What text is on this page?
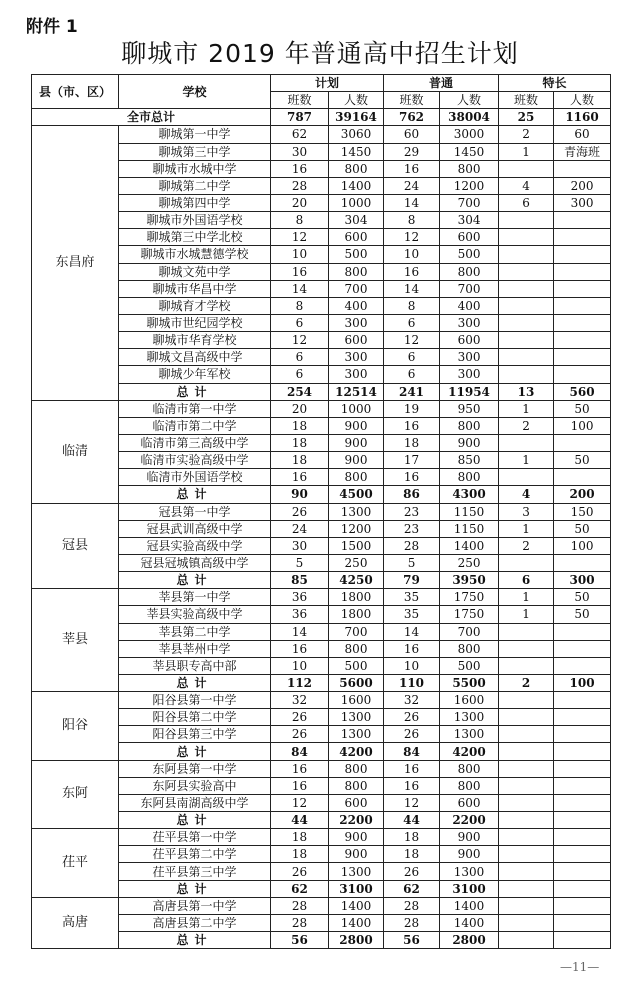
附件 1
聊城市 2019 年普通高中招生计划
县（市、区）	学校	计划		普通		特长	
		班数	人数	班数	人数	班数	人数
全市总计		787	39164	762	38004	25	1160
东昌府	聊城第一中学	62	3060	60	3000	2	60
	聊城第三中学	30	1450	29	1450	1	青海班
	聊城市水城中学	16	800	16	800		
	聊城第二中学	28	1400	24	1200	4	200
	聊城第四中学	20	1000	14	700	6	300
	聊城市外国语学校	8	304	8	304		
	聊城第三中学北校	12	600	12	600		
	聊城市水城慧德学校	10	500	10	500		
	聊城文苑中学	16	800	16	800		
	聊城市华昌中学	14	700	14	700		
	聊城育才学校	8	400	8	400		
	聊城市世纪园学校	6	300	6	300		
	聊城市华育学校	12	600	12	600		
	聊城文昌高级中学	6	300	6	300		
	聊城少年军校	6	300	6	300		
	总计	254	12514	241	11954	13	560
临清	临清市第一中学	20	1000	19	950	1	50
	临清市第二中学	18	900	16	800	2	100
	临清市第三高级中学	18	900	18	900		
	临清市实验高级中学	18	900	17	850	1	50
	临清市外国语学校	16	800	16	800		
	总计	90	4500	86	4300	4	200
冠县	冠县第一中学	26	1300	23	1150	3	150
	冠县武训高级中学	24	1200	23	1150	1	50
	冠县实验高级中学	30	1500	28	1400	2	100
	冠县冠城镇高级中学	5	250	5	250		
	总计	85	4250	79	3950	6	300
莘县	莘县第一中学	36	1800	35	1750	1	50
	莘县实验高级中学	36	1800	35	1750	1	50
	莘县第二中学	14	700	14	700		
	莘县莘州中学	16	800	16	800		
	莘县职专高中部	10	500	10	500		
	总计	112	5600	110	5500	2	100
阳谷	阳谷县第一中学	32	1600	32	1600		
	阳谷县第二中学	26	1300	26	1300		
	阳谷县第三中学	26	1300	26	1300		
	总计	84	4200	84	4200		
东阿	东阿县第一中学	16	800	16	800		
	东阿县实验高中	16	800	16	800		
	东阿县南湖高级中学	12	600	12	600		
	总计	44	2200	44	2200		
茌平	茌平县第一中学	18	900	18	900		
	茌平县第二中学	18	900	18	900		
	茌平县第三中学	26	1300	26	1300		
	总计	62	3100	62	3100		
高唐	高唐县第一中学	28	1400	28	1400		
	高唐县第二中学	28	1400	28	1400		
	总计	56	2800	56	2800		
—11—
